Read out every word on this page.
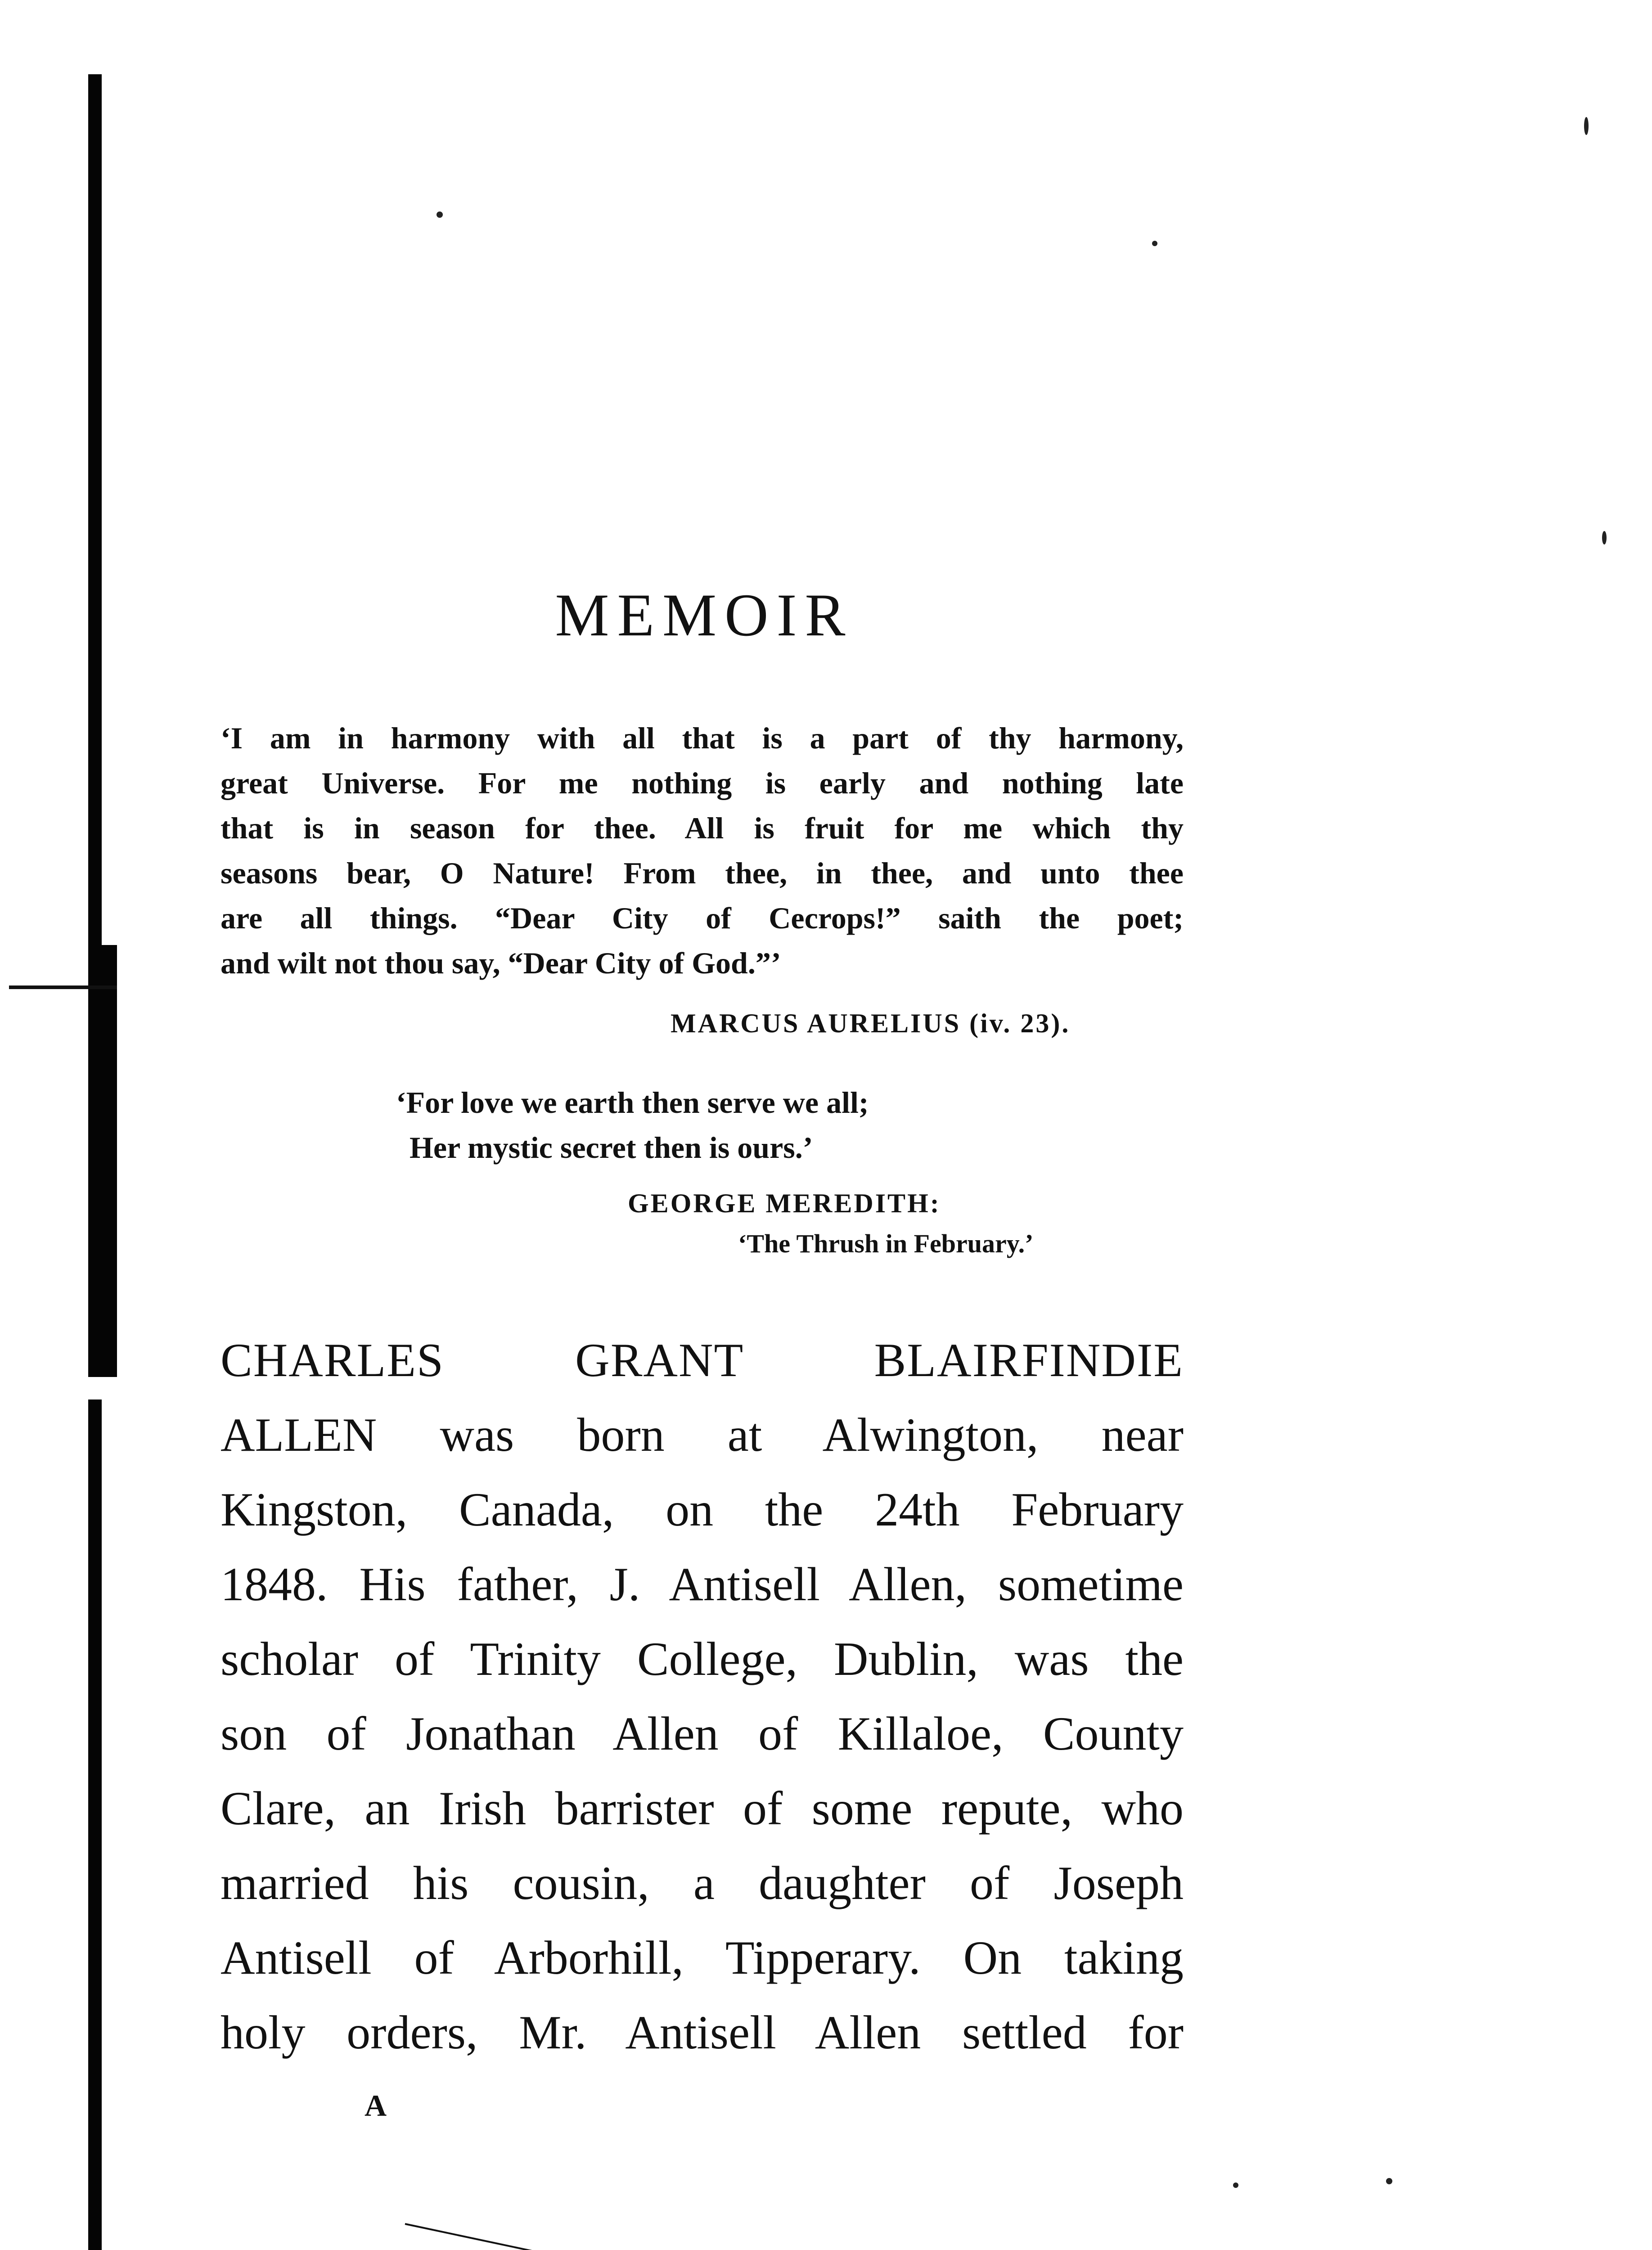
MEMOIR
‘I am in harmony with all that is a part of thy harmony,
great Universe. For me nothing is early and nothing late
that is in season for thee. All is fruit for me which thy
seasons bear, O Nature! From thee, in thee, and unto thee
are all things. “Dear City of Cecrops!” saith the poet;
and wilt not thou say, “Dear City of God.”’
MARCUS AURELIUS (iv. 23).
‘For love we earth then serve we all;
Her mystic secret then is ours.’
GEORGE MEREDITH:
‘The Thrush in February.’
CHARLES GRANT BLAIRFINDIE
ALLEN was born at Alwington, near
Kingston, Canada, on the 24th February
1848. His father, J. Antisell Allen, sometime
scholar of Trinity College, Dublin, was the
son of Jonathan Allen of Killaloe, County
Clare, an Irish barrister of some repute, who
married his cousin, a daughter of Joseph
Antisell of Arborhill, Tipperary. On taking
holy orders, Mr. Antisell Allen settled for
A
